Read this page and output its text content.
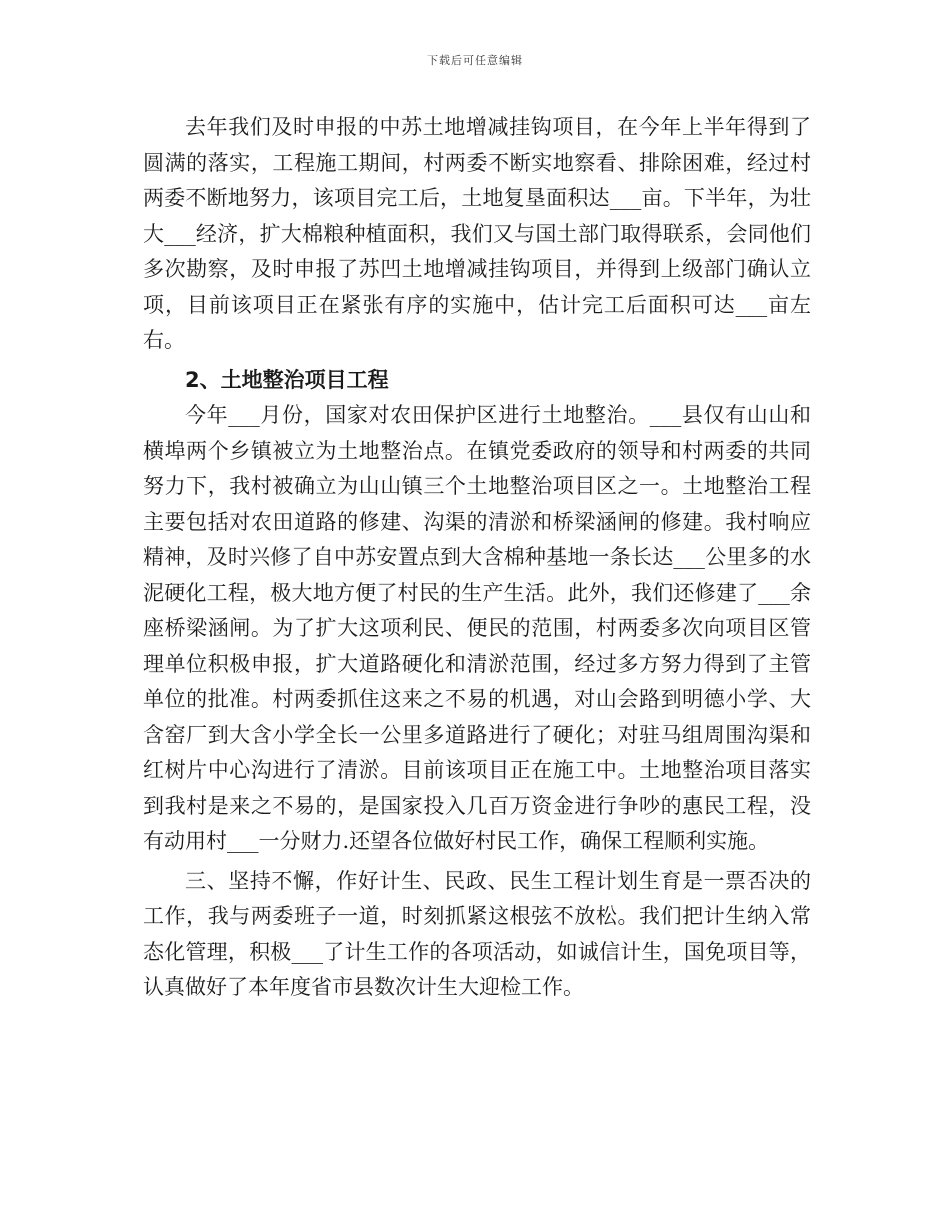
下载后可任意编辑

去年我们及时申报的中苏土地增减挂钩项目，在今年上半年得到了圆满的落实，工程施工期间，村两委不断实地察看、排除困难，经过村两委不断地努力，该项目完工后，土地复垦面积达___亩。下半年，为壮大___经济，扩大棉粮种植面积，我们又与国土部门取得联系，会同他们多次勘察，及时申报了苏凹土地增减挂钩项目，并得到上级部门确认立项，目前该项目正在紧张有序的实施中，估计完工后面积可达___亩左右。

2、土地整治项目工程

今年___月份，国家对农田保护区进行土地整治。___县仅有山山和横埠两个乡镇被立为土地整治点。在镇党委政府的领导和村两委的共同努力下，我村被确立为山山镇三个土地整治项目区之一。土地整治工程主要包括对农田道路的修建、沟渠的清淤和桥梁涵闸的修建。我村响应精神，及时兴修了自中苏安置点到大含棉种基地一条长达___公里多的水泥硬化工程，极大地方便了村民的生产生活。此外，我们还修建了___余座桥梁涵闸。为了扩大这项利民、便民的范围，村两委多次向项目区管理单位积极申报，扩大道路硬化和清淤范围，经过多方努力得到了主管单位的批准。村两委抓住这来之不易的机遇，对山会路到明德小学、大含窑厂到大含小学全长一公里多道路进行了硬化；对驻马组周围沟渠和红树片中心沟进行了清淤。目前该项目正在施工中。土地整治项目落实到我村是来之不易的，是国家投入几百万资金进行争吵的惠民工程，没有动用村___一分财力.还望各位做好村民工作，确保工程顺利实施。

三、坚持不懈，作好计生、民政、民生工程计划生育是一票否决的工作，我与两委班子一道，时刻抓紧这根弦不放松。我们把计生纳入常态化管理，积极___了计生工作的各项活动，如诚信计生，国免项目等，认真做好了本年度省市县数次计生大迎检工作。
